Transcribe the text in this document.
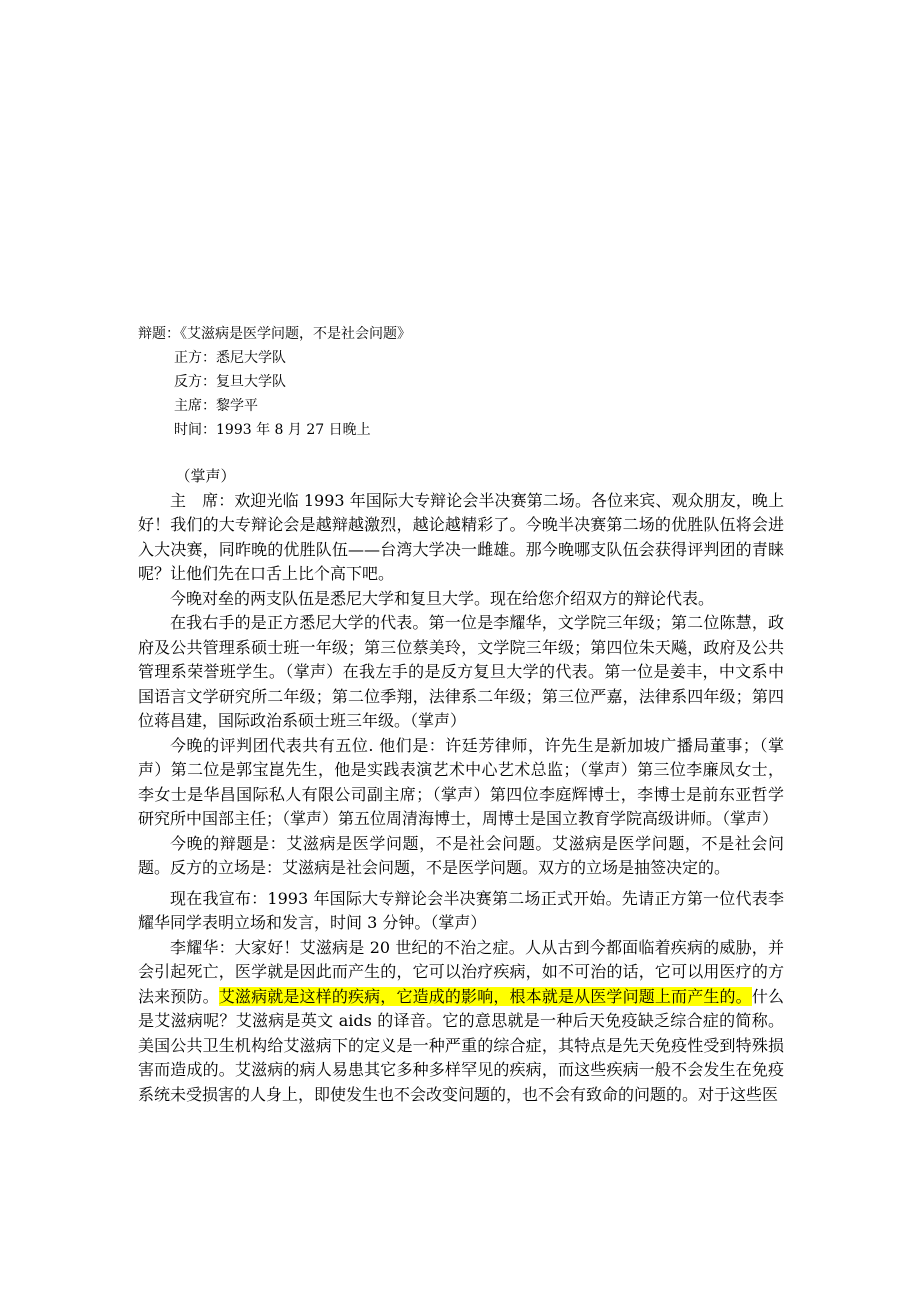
辩题：《艾滋病是医学问题，不是社会问题》

正方：悉尼大学队

反方：复旦大学队

主席：黎学平

时间：1993 年 8 月 27 日晚上

 （掌声）

主　席：欢迎光临 1993 年国际大专辩论会半决赛第二场。各位来宾、观众朋友，晚上好！我们的大专辩论会是越辩越激烈，越论越精彩了。今晚半决赛第二场的优胜队伍将会进入大决赛，同昨晚的优胜队伍——台湾大学决一雌雄。那今晚哪支队伍会获得评判团的青睐呢？让他们先在口舌上比个高下吧。

今晚对垒的两支队伍是悉尼大学和复旦大学。现在给您介绍双方的辩论代表。

在我右手的是正方悉尼大学的代表。第一位是李耀华，文学院三年级；第二位陈慧，政府及公共管理系硕士班一年级；第三位蔡美玲，文学院三年级；第四位朱天飚，政府及公共管理系荣誉班学生。（掌声）在我左手的是反方复旦大学的代表。第一位是姜丰，中文系中国语言文学研究所二年级；第二位季翔，法律系二年级；第三位严嘉，法律系四年级；第四位蒋昌建，国际政治系硕士班三年级。（掌声）

今晚的评判团代表共有五位. 他们是：许廷芳律师，许先生是新加坡广播局董事；（掌声）第二位是郭宝崑先生，他是实践表演艺术中心艺术总监；（掌声）第三位李廉凤女士，李女士是华昌国际私人有限公司副主席；（掌声）第四位李庭辉博士，李博士是前东亚哲学研究所中国部主任；（掌声）第五位周清海博士，周博士是国立教育学院高级讲师。（掌声）

今晚的辩题是：艾滋病是医学问题，不是社会问题。艾滋病是医学问题，不是社会问题。反方的立场是：艾滋病是社会问题，不是医学问题。双方的立场是抽签决定的。

现在我宣布：1993 年国际大专辩论会半决赛第二场正式开始。先请正方第一位代表李耀华同学表明立场和发言，时间 3 分钟。（掌声）

李耀华：大家好！艾滋病是 20 世纪的不治之症。人从古到今都面临着疾病的威胁，并会引起死亡，医学就是因此而产生的，它可以治疗疾病，如不可治的话，它可以用医疗的方法来预防。艾滋病就是这样的疾病，它造成的影响，根本就是从医学问题上而产生的。什么是艾滋病呢？艾滋病是英文 aids 的译音。它的意思就是一种后天免疫缺乏综合症的简称。美国公共卫生机构给艾滋病下的定义是一种严重的综合症，其特点是先天免疫性受到特殊损害而造成的。艾滋病的病人易患其它多种多样罕见的疾病，而这些疾病一般不会发生在免疫系统未受损害的人身上，即使发生也不会改变问题的，也不会有致命的问题的。对于这些医
